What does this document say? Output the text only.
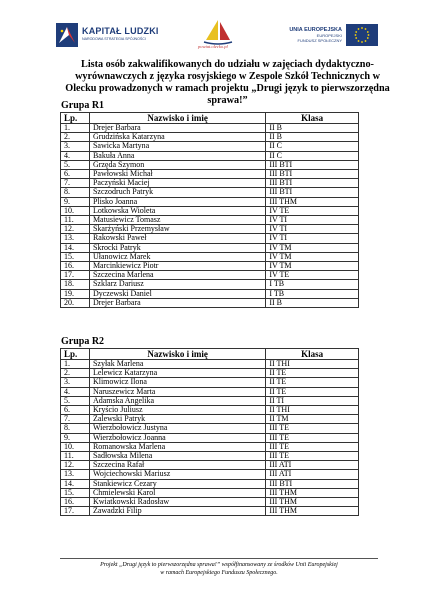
KAPITAŁ LUDZKI
NARODOWA STRATEGIA SPÓJNOŚCI
powiat.olecko.pl
UNIA EUROPEJSKA
EUROPEJSKI
FUNDUSZ SPOŁECZNY
Lista osób zakwalifikowanych do udziału w zajęciach dydaktyczno-wyrównawczych z języka rosyjskiego w Zespole Szkół Technicznych w Olecku prowadzonych w ramach projektu „Drugi język to pierwszorzędna sprawa!”
Grupa R1
Lp.	Nazwisko i imię	Klasa
1.	Drejer Barbara	II B
2.	Grudzińska Katarzyna	II B
3.	Sawicka Martyna	II C
4.	Bakuła Anna	II C
5.	Grzęda Szymon	III BTI
6.	Pawłowski Michał	III BTI
7.	Paczyński Maciej	III BTI
8.	Szczodruch Patryk	III BTI
9.	Plisko Joanna	III THM
10.	Lotkowska Wioleta	IV TE
11.	Matusiewicz Tomasz	IV TI
12.	Skarżyński Przemysław	IV TI
13.	Rakowski Paweł	IV TI
14.	Skrocki Patryk	IV TM
15.	Ułanowicz Marek	IV TM
16.	Marcinkiewicz Piotr	IV TM
17.	Szczecina Marlena	IV TE
18.	Szklarz Dariusz	I TB
19.	Dyczewski Daniel	I TB
20.	Drejer Barbara	II B
Grupa R2
Lp.	Nazwisko i imię	Klasa
1.	Szyłak Marlena	II THI
2.	Lelewicz Katarzyna	II TE
3.	Klimowicz Ilona	II TE
4.	Naruszewicz Marta	II TE
5.	Adamska Angelika	II TI
6.	Kryścio Juliusz	II THI
7.	Zalewski Patryk	II TM
8.	Wierzbołowicz Justyna	III TE
9.	Wierzbołowicz Joanna	III TE
10.	Romanowska Marlena	III TE
11.	Sadłowska Milena	III TE
12.	Szczecina Rafał	III ATI
13.	Wojciechowski Mariusz	III ATI
14.	Stankiewicz Cezary	III BTI
15.	Chmielewski Karol	III THM
16.	Kwiatkowski Radosław	III THM
17.	Zawadzki Filip	III THM
Projekt „Drugi język to pierwszorzędna sprawa!” współfinansowany ze środków Unii Europejskiej
w ramach Europejskiego Funduszu Społecznego.
